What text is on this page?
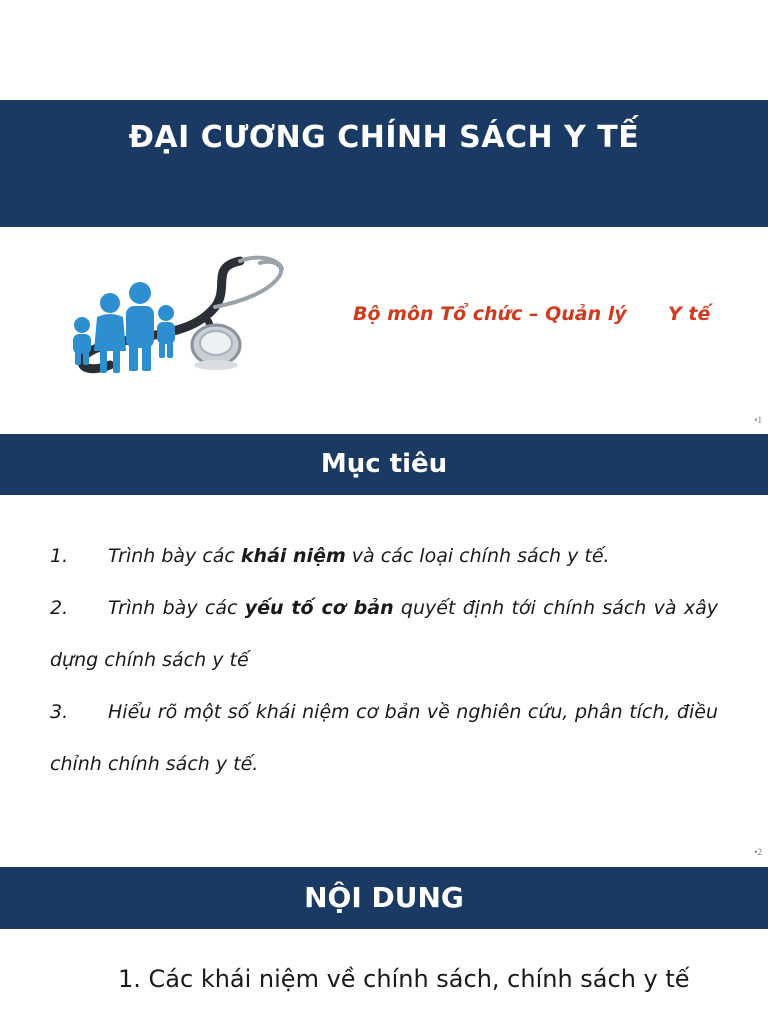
ĐẠI CƯƠNG CHÍNH SÁCH Y TẾ
Bộ môn Tổ chức – Quản lý Y tế
•1
Mục tiêu

1. Trình bày các khái niệm và các loại chính sách y tế.

2. Trình bày các yếu tố cơ bản quyết định tới chính sách và xây dựng chính sách y tế

3. Hiểu rõ một số khái niệm cơ bản về nghiên cứu, phân tích, điều chỉnh chính sách y tế.

•2
NỘI DUNG
1. Các khái niệm về chính sách, chính sách y tế
